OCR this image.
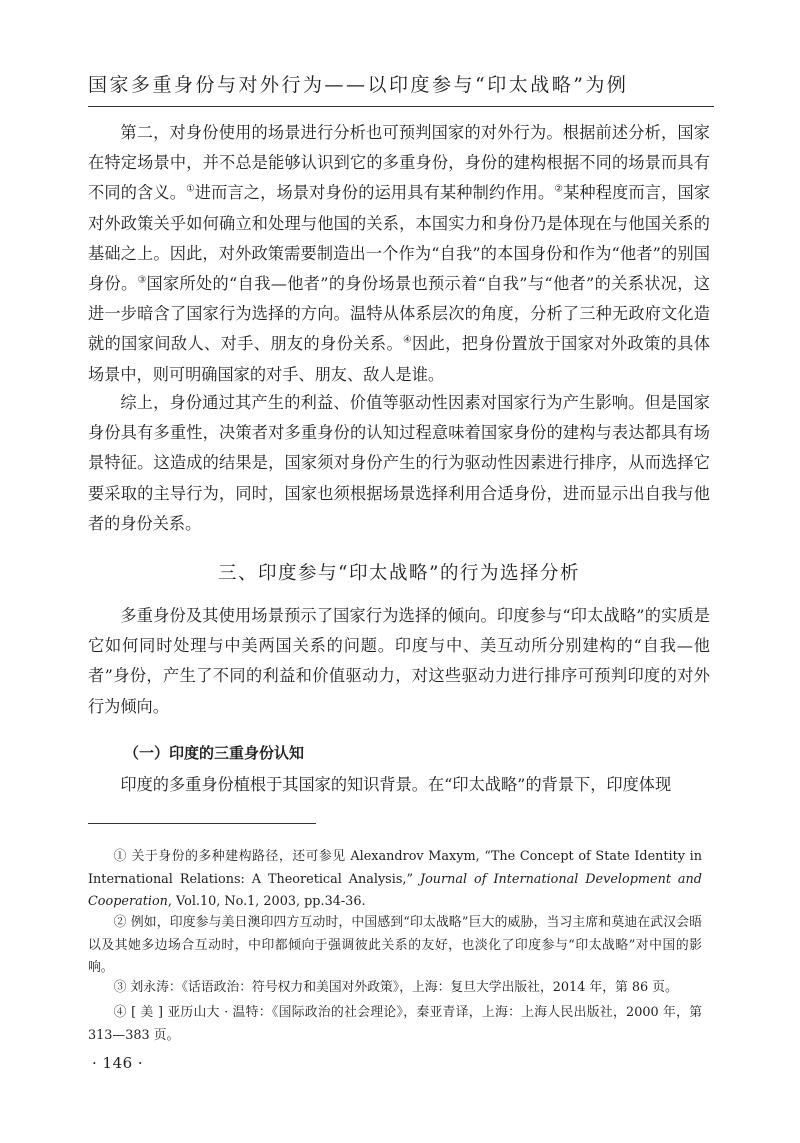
国家多重身份与对外行为——以印度参与“印太战略”为例

第二，对身份使用的场景进行分析也可预判国家的对外行为。根据前述分析，国家在特定场景中，并不总是能够认识到它的多重身份，身份的建构根据不同的场景而具有不同的含义。①进而言之，场景对身份的运用具有某种制约作用。②某种程度而言，国家对外政策关乎如何确立和处理与他国的关系，本国实力和身份乃是体现在与他国关系的基础之上。因此，对外政策需要制造出一个作为“自我”的本国身份和作为“他者”的别国身份。③国家所处的“自我—他者”的身份场景也预示着“自我”与“他者”的关系状况，这进一步暗含了国家行为选择的方向。温特从体系层次的角度，分析了三种无政府文化造就的国家间敌人、对手、朋友的身份关系。④因此，把身份置放于国家对外政策的具体场景中，则可明确国家的对手、朋友、敌人是谁。

综上，身份通过其产生的利益、价值等驱动性因素对国家行为产生影响。但是国家身份具有多重性，决策者对多重身份的认知过程意味着国家身份的建构与表达都具有场景特征。这造成的结果是，国家须对身份产生的行为驱动性因素进行排序，从而选择它要采取的主导行为，同时，国家也须根据场景选择利用合适身份，进而显示出自我与他者的身份关系。

三、印度参与“印太战略”的行为选择分析

多重身份及其使用场景预示了国家行为选择的倾向。印度参与“印太战略”的实质是它如何同时处理与中美两国关系的问题。印度与中、美互动所分别建构的“自我—他者”身份，产生了不同的利益和价值驱动力，对这些驱动力进行排序可预判印度的对外行为倾向。

（一）印度的三重身份认知

印度的多重身份植根于其国家的知识背景。在“印太战略”的背景下，印度体现

① 关于身份的多种建构路径，还可参见 Alexandrov Maxym, “The Concept of State Identity in International Relations: A Theoretical Analysis,” Journal of International Development and Cooperation, Vol.10, No.1, 2003, pp.34-36.

② 例如，印度参与美日澳印四方互动时，中国感到“印太战略”巨大的威胁，当习主席和莫迪在武汉会晤以及其她多边场合互动时，中印都倾向于强调彼此关系的友好，也淡化了印度参与“印太战略”对中国的影响。

③ 刘永涛：《话语政治：符号权力和美国对外政策》，上海：复旦大学出版社，2014 年，第 86 页。

④ [ 美 ] 亚历山大 · 温特：《国际政治的社会理论》，秦亚青译，上海：上海人民出版社，2000 年，第 313—383 页。

· 146 ·
